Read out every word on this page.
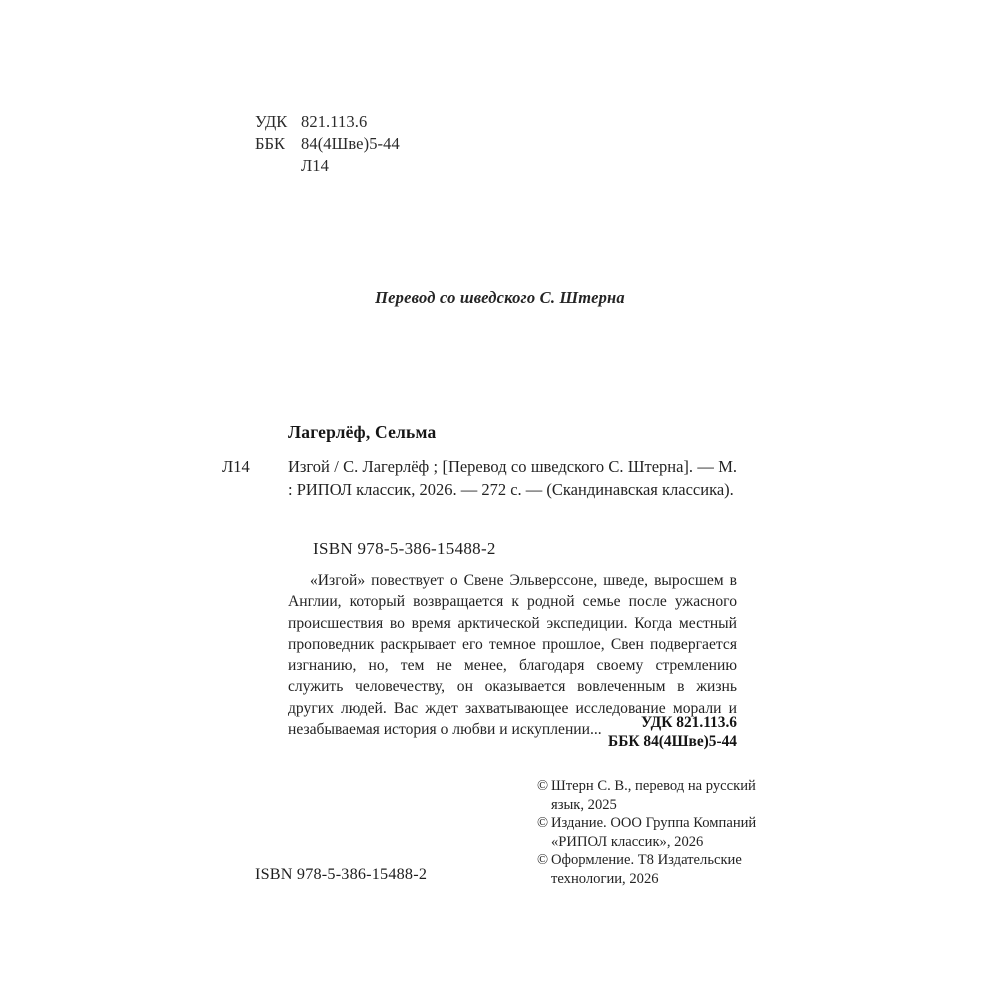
УДК 821.113.6
ББК 84(4Шве)5-44
Л14
Перевод со шведского С. Штерна
Лагерлёф, Сельма
Л14 Изгой / С. Лагерлёф ; [Перевод со шведского С. Штерна]. — М. : РИПОЛ классик, 2026. — 272 с. — (Скандинавская классика).
ISBN 978-5-386-15488-2
«Изгой» повествует о Свене Эльверссоне, шведе, выросшем в Англии, который возвращается к родной семье после ужасного происшествия во время арктической экспедиции. Когда местный проповедник раскрывает его темное прошлое, Свен подвергается изгнанию, но, тем не менее, благодаря своему стремлению служить человечеству, он оказывается вовлеченным в жизнь других людей. Вас ждет захватывающее исследование морали и незабываемая история о любви и искуплении...	УДК 821.113.6
ББК 84(4Шве)5-44

© Штерн С. В., перевод на русский язык, 2025

© Издание. ООО Группа Компаний «РИПОЛ классик», 2026

© Оформление. Т8 Издательские технологии, 2026

ISBN 978-5-386-15488-2
